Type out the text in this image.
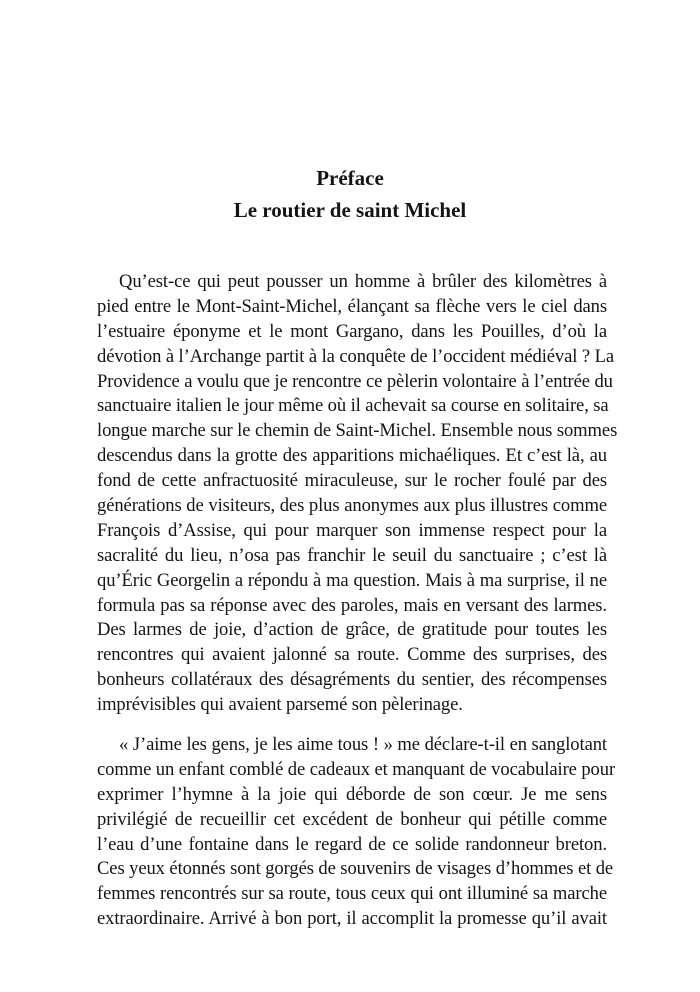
Préface
Le routier de saint Michel
Qu’est-ce qui peut pousser un homme à brûler des kilomètres à
pied entre le Mont-Saint-Michel, élançant sa flèche vers le ciel dans
l’estuaire éponyme et le mont Gargano, dans les Pouilles, d’où la
dévotion à l’Archange partit à la conquête de l’occident médiéval ? La
Providence a voulu que je rencontre ce pèlerin volontaire à l’entrée du
sanctuaire italien le jour même où il achevait sa course en solitaire, sa
longue marche sur le chemin de Saint-Michel. Ensemble nous sommes
descendus dans la grotte des apparitions michaéliques. Et c’est là, au
fond de cette anfractuosité miraculeuse, sur le rocher foulé par des
générations de visiteurs, des plus anonymes aux plus illustres comme
François d’Assise, qui pour marquer son immense respect pour la
sacralité du lieu, n’osa pas franchir le seuil du sanctuaire ; c’est là
qu’Éric Georgelin a répondu à ma question. Mais à ma surprise, il ne
formula pas sa réponse avec des paroles, mais en versant des larmes.
Des larmes de joie, d’action de grâce, de gratitude pour toutes les
rencontres qui avaient jalonné sa route. Comme des surprises, des
bonheurs collatéraux des désagréments du sentier, des récompenses
imprévisibles qui avaient parsemé son pèlerinage.
« J’aime les gens, je les aime tous ! » me déclare-t-il en sanglotant
comme un enfant comblé de cadeaux et manquant de vocabulaire pour
exprimer l’hymne à la joie qui déborde de son cœur. Je me sens
privilégié de recueillir cet excédent de bonheur qui pétille comme
l’eau d’une fontaine dans le regard de ce solide randonneur breton.
Ces yeux étonnés sont gorgés de souvenirs de visages d’hommes et de
femmes rencontrés sur sa route, tous ceux qui ont illuminé sa marche
extraordinaire. Arrivé à bon port, il accomplit la promesse qu’il avait
